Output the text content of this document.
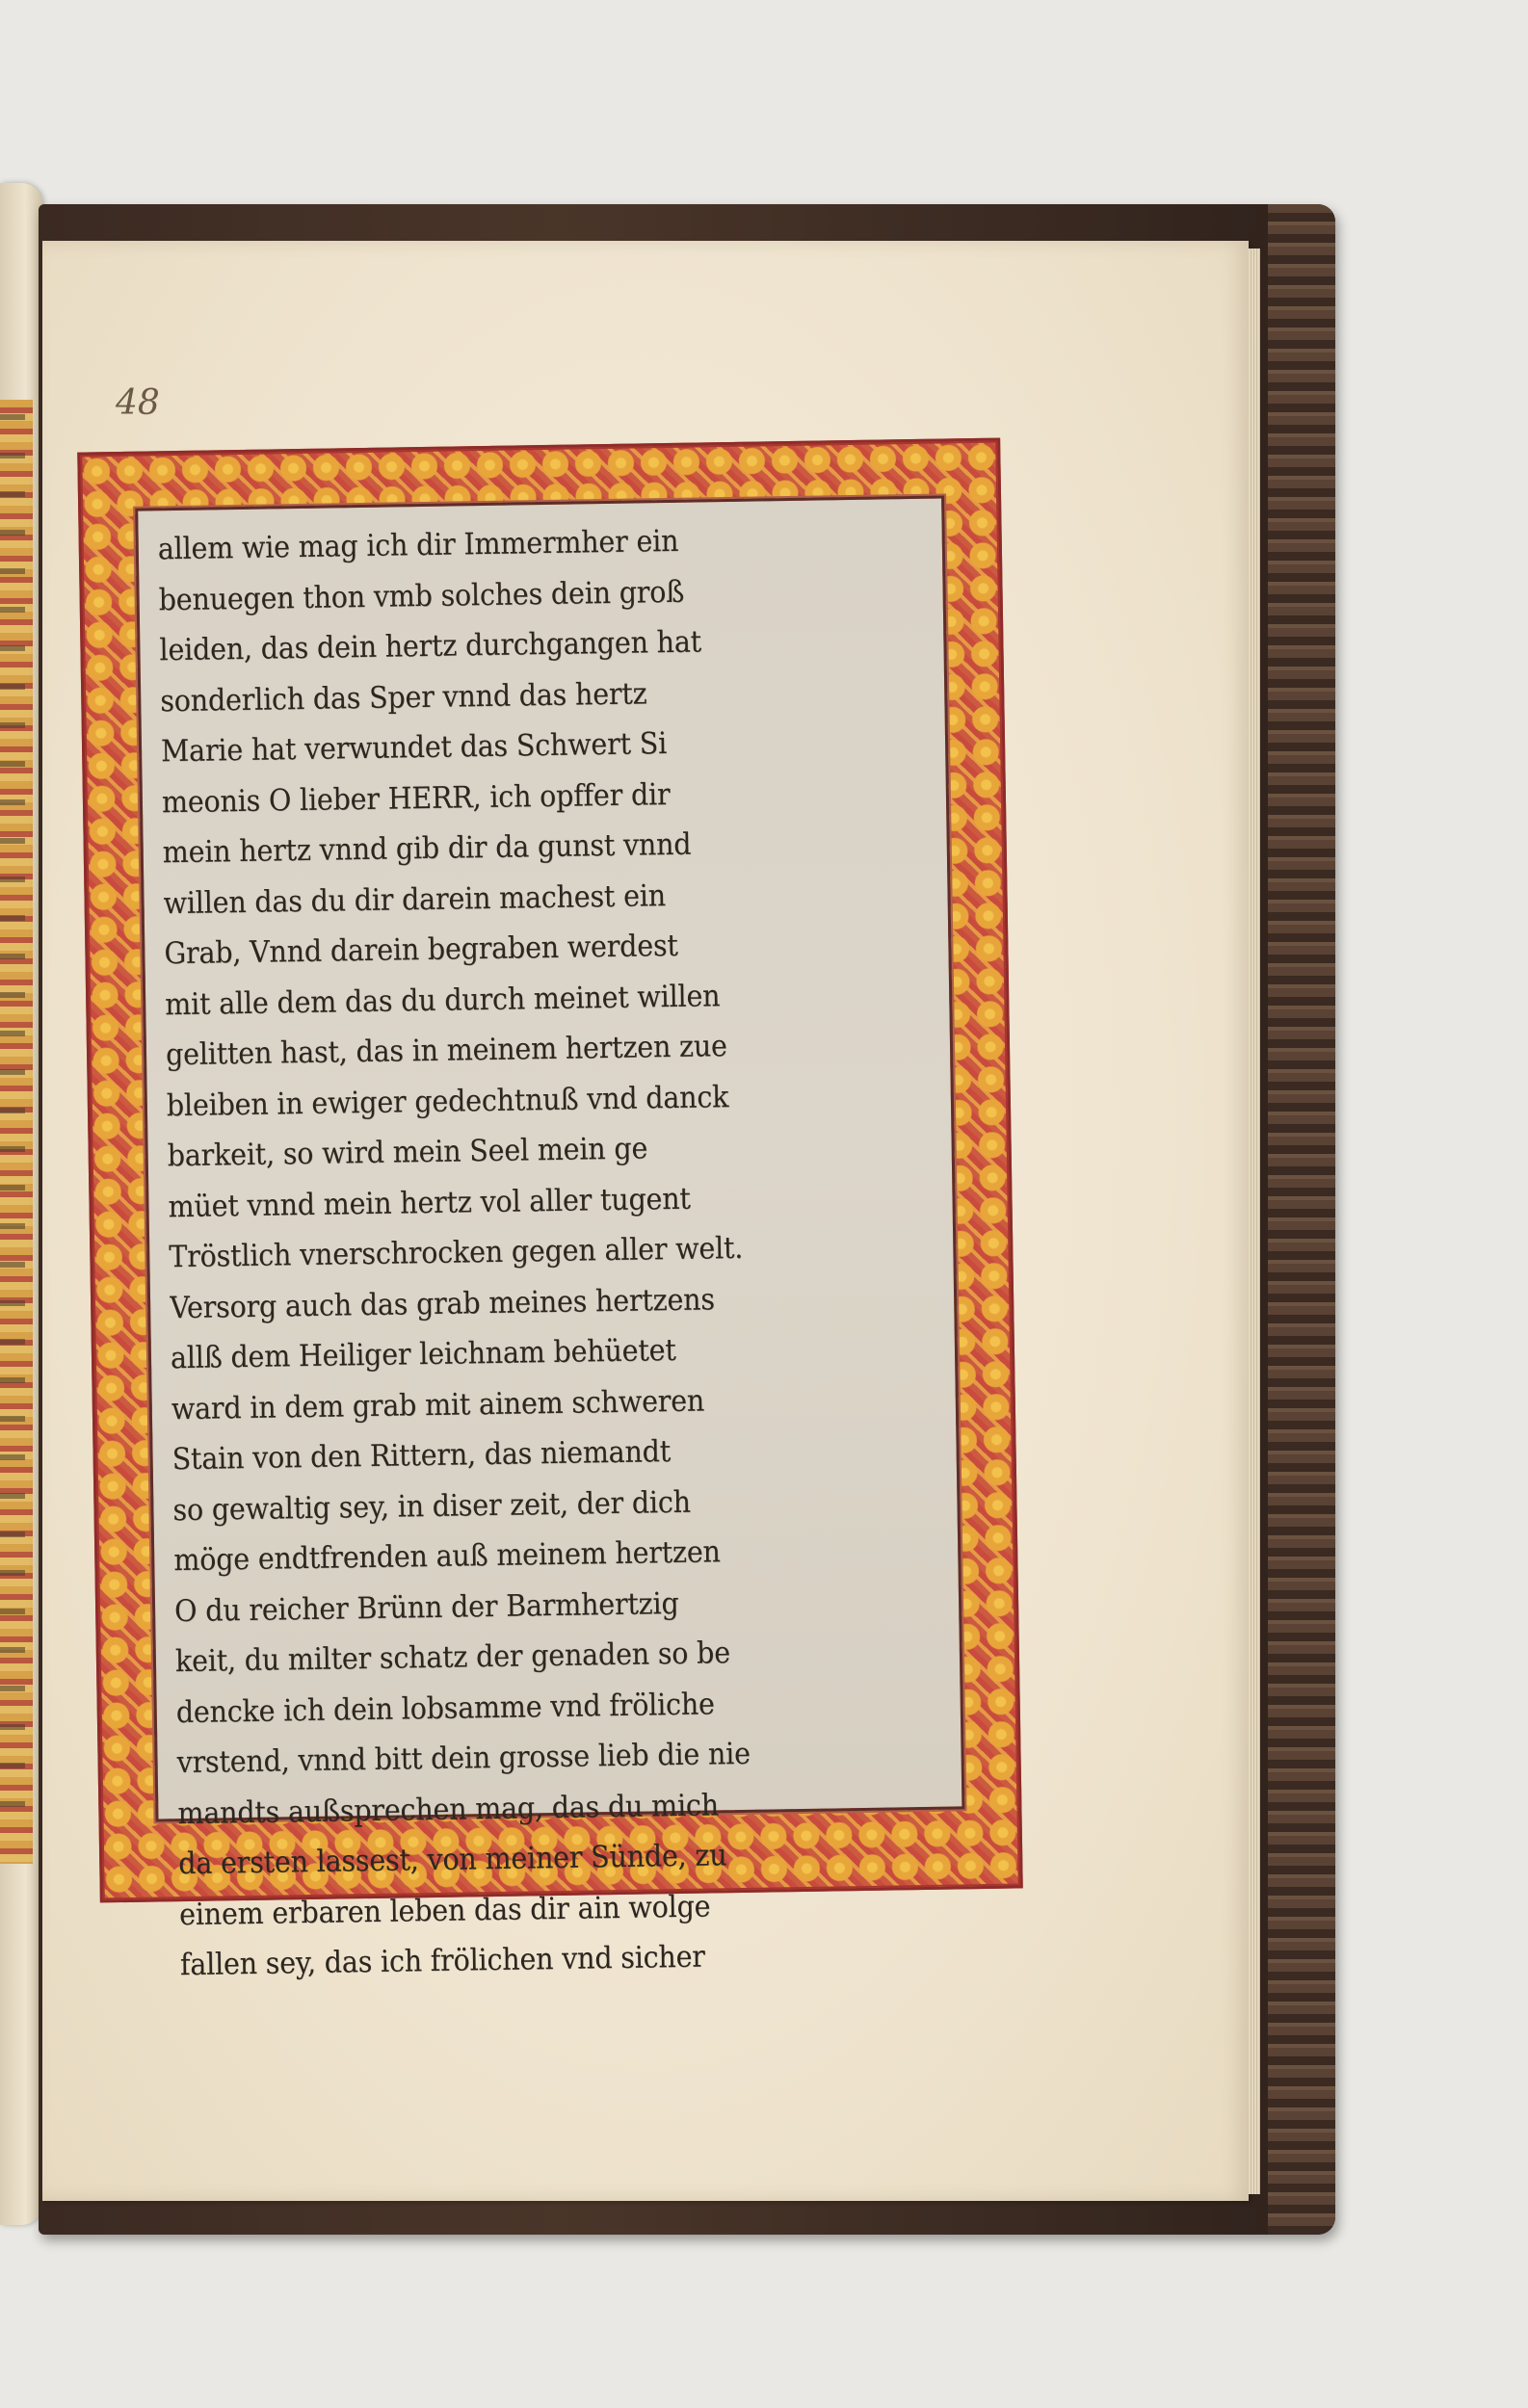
48
allem wie mag ich dir Immermher ein
benuegen thon vmb solches dein groß
leiden, das dein hertz durchgangen hat
sonderlich das Sper vnnd das hertz
Marie hat verwundet das Schwert Si
meonis O lieber HERR, ich opffer dir
mein hertz vnnd gib dir da gunst vnnd
willen das du dir darein machest ein
Grab, Vnnd darein begraben werdest
mit alle dem das du durch meinet willen
gelitten hast, das in meinem hertzen zue
bleiben in ewiger gedechtnuß vnd danck
barkeit, so wird mein Seel mein ge
müet vnnd mein hertz vol aller tugent
Tröstlich vnerschrocken gegen aller welt.
Versorg auch das grab meines hertzens
allß dem Heiliger leichnam behüetet
ward in dem grab mit ainem schweren
Stain von den Rittern, das niemandt
so gewaltig sey, in diser zeit, der dich
möge endtfrenden auß meinem hertzen
O du reicher Brünn der Barmhertzig
keit, du milter schatz der genaden so be
dencke ich dein lobsamme vnd fröliche
vrstend, vnnd bitt dein grosse lieb die nie
mandts außsprechen mag, das du mich
da ersten lassest, von meiner Sünde, zu
einem erbaren leben das dir ain wolge
fallen sey, das ich frölichen vnd sicher
